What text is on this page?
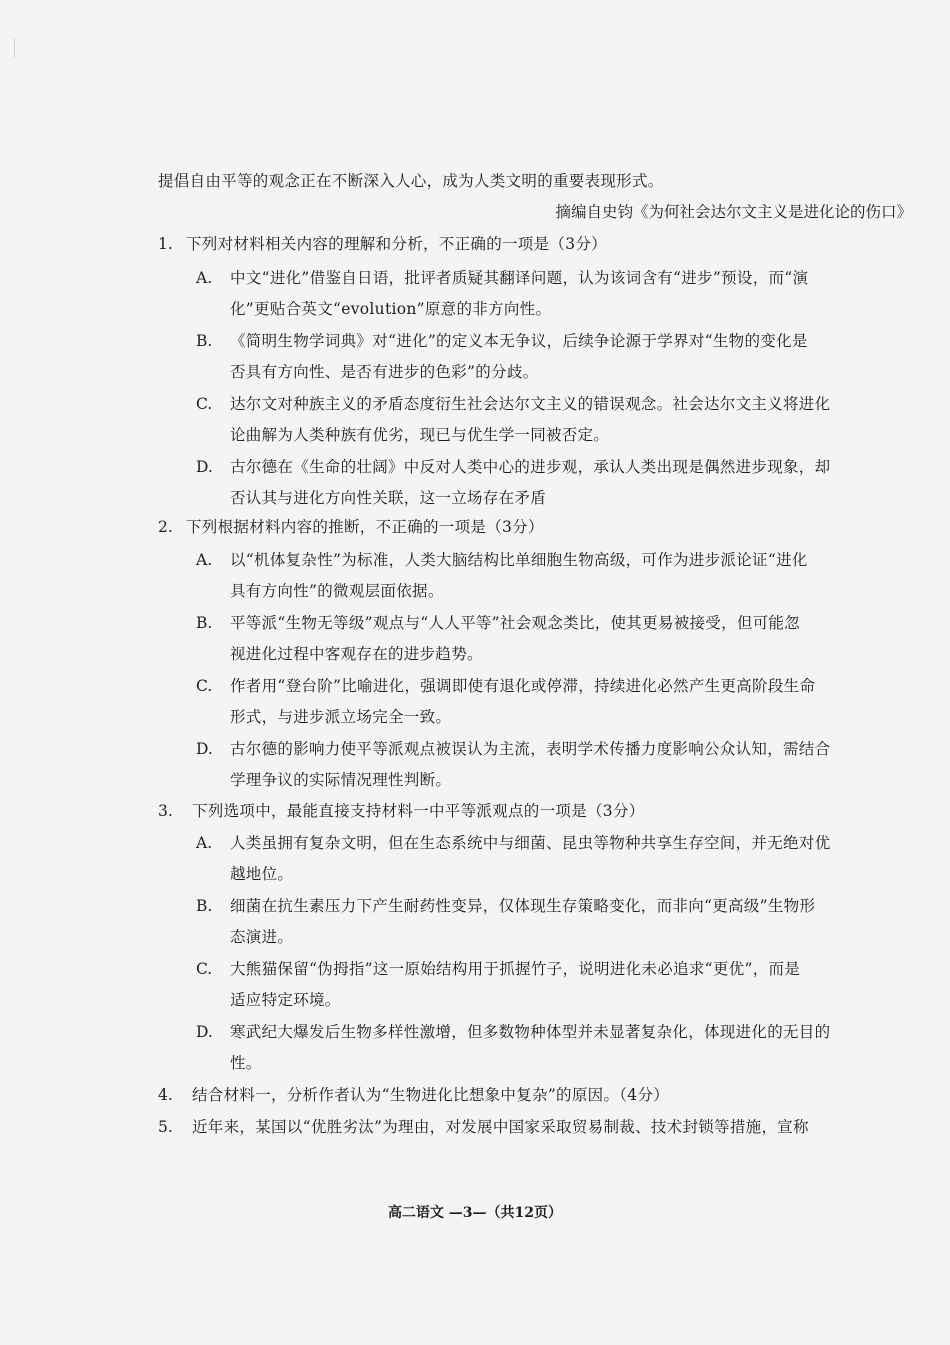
提倡自由平等的观念正在不断深入人心，成为人类文明的重要表现形式。
摘编自史钧《为何社会达尔文主义是进化论的伤口》
1. 下列对材料相关内容的理解和分析，不正确的一项是（3分）
A. 中文“进化”借鉴自日语，批评者质疑其翻译问题，认为该词含有“进步”预设，而“演
化”更贴合英文“evolution”原意的非方向性。
B. 《简明生物学词典》对“进化”的定义本无争议，后续争论源于学界对“生物的变化是
否具有方向性、是否有进步的色彩”的分歧。
C. 达尔文对种族主义的矛盾态度衍生社会达尔文主义的错误观念。社会达尔文主义将进化
论曲解为人类种族有优劣，现已与优生学一同被否定。
D. 古尔德在《生命的壮阔》中反对人类中心的进步观，承认人类出现是偶然进步现象，却
否认其与进化方向性关联，这一立场存在矛盾
2. 下列根据材料内容的推断，不正确的一项是（3分）
A. 以“机体复杂性”为标准，人类大脑结构比单细胞生物高级，可作为进步派论证“进化
具有方向性”的微观层面依据。
B. 平等派“生物无等级”观点与“人人平等”社会观念类比，使其更易被接受，但可能忽
视进化过程中客观存在的进步趋势。
C. 作者用“登台阶”比喻进化，强调即使有退化或停滞，持续进化必然产生更高阶段生命
形式，与进步派立场完全一致。
D. 古尔德的影响力使平等派观点被误认为主流，表明学术传播力度影响公众认知，需结合
学理争议的实际情况理性判断。
3. 下列选项中，最能直接支持材料一中平等派观点的一项是（3分）
A. 人类虽拥有复杂文明，但在生态系统中与细菌、昆虫等物种共享生存空间，并无绝对优
越地位。
B. 细菌在抗生素压力下产生耐药性变异，仅体现生存策略变化，而非向“更高级”生物形
态演进。
C. 大熊猫保留“伪拇指”这一原始结构用于抓握竹子，说明进化未必追求“更优”，而是
适应特定环境。
D. 寒武纪大爆发后生物多样性激增，但多数物种体型并未显著复杂化，体现进化的无目的
性。
4. 结合材料一，分析作者认为“生物进化比想象中复杂”的原因。（4分）
5. 近年来，某国以“优胜劣汰”为理由，对发展中国家采取贸易制裁、技术封锁等措施，宣称
高二语文 —3—（共12页）
